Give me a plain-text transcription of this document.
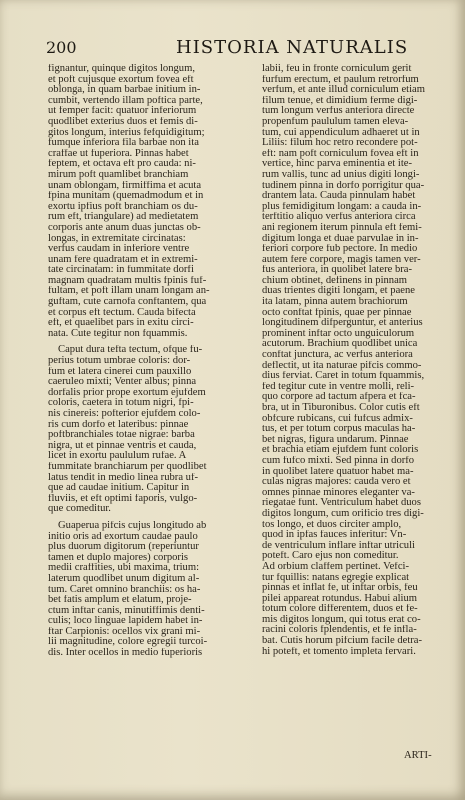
200	HISTORIA NATURALIS
fignantur, quinque digitos longum,
et poft cujusque exortum fovea eft
oblonga, in quam barbae initium in-
cumbit, vertendo illam poftica parte,
ut femper facit: quatuor inferiorum
quodlibet exterius duos et femis di-
gitos longum, interius fefquidigitum;
fumque inferiora fila barbae non ita
craffae ut fuperiora. Pinnas habet
feptem, et octava eft pro cauda: ni-
mirum poft quamlibet branchiam
unam oblongam, firmiffima et acuta
fpina munitam (quemadmodum et in
exortu ipfius poft branchiam os du-
rum eft, triangulare) ad medietatem
corporis ante anum duas junctas ob-
longas, in extremitate circinatas:
verfus caudam in inferiore ventre
unam fere quadratam et in extremi-
tate circinatam: in fummitate dorfi
magnam quadratam multis fpinis fuf-
fultam, et poft illam unam longam an-
guftam, cute carnofa conftantem, qua
et corpus eft tectum. Cauda bifecta
eft, et quaelibet pars in exitu circi-
nata. Cute tegitur non fquammis.
Caput dura tefta tectum, ofque fu-
perius totum umbrae coloris: dor-
fum et latera cinerei cum pauxillo
caeruleo mixti; Venter albus; pinna
dorfalis prior prope exortum ejufdem
coloris, caetera in totum nigri, fpi-
nis cinereis: pofterior ejufdem colo-
ris cum dorfo et lateribus: pinnae
poftbranchiales totae nigrae: barba
nigra, ut et pinnae ventris et cauda,
licet in exortu paululum rufae. A
fummitate branchiarum per quodlibet
latus tendit in medio linea rubra uf-
que ad caudae initium. Capitur in
fluviis, et eft optimi faporis, vulgo-
que comeditur.
Guaperua pifcis cujus longitudo ab
initio oris ad exortum caudae paulo
plus duorum digitorum (reperiuntur
tamen et duplo majores) corporis
medii craffities, ubi maxima, trium:
laterum quodlibet unum digitum al-
tum. Caret omnino branchiis: os ha-
bet fatis amplum et elatum, proje-
ctum inftar canis, minutiffimis denti-
culis; loco linguae lapidem habet in-
ftar Carpionis: ocellos vix grani mi-
lii magnitudine, colore egregii turcoi-
dis. Inter ocellos in medio fuperioris
labii, feu in fronte corniculum gerit
furfum erectum, et paulum retrorfum
verfum, et ante illud corniculum etiam
filum tenue, et dimidium ferme digi-
tum longum verfus anteriora directe
propenfum paululum tamen eleva-
tum, cui appendiculum adhaeret ut in
Liliis: filum hoc retro recondere pot-
eft: nam poft corniculum fovea eft in
vertice, hinc parva eminentia et ite-
rum vallis, tunc ad unius digiti longi-
tudinem pinna in dorfo porrigitur qua-
drantem lata. Cauda pinnulam habet
plus femidigitum longam: a cauda in-
terftitio aliquo verfus anteriora circa
ani regionem iterum pinnula eft femi-
digitum longa et duae parvulae in in-
feriori corpore fub pectore. In medio
autem fere corpore, magis tamen ver-
fus anteriora, in quolibet latere bra-
chium obtinet, definens in pinnam
duas trientes digiti longam, et paene
ita latam, pinna autem brachiorum
octo conftat fpinis, quae per pinnae
longitudinem difperguntur, et anterius
prominent inftar octo unguiculorum
acutorum. Brachium quodlibet unica
conftat junctura, ac verfus anteriora
deflectit, ut ita naturae pifcis commo-
dius ferviat. Caret in totum fquammis,
fed tegitur cute in ventre molli, reli-
quo corpore ad tactum afpera et fca-
bra, ut in Tiburonibus. Color cutis eft
obfcure rubicans, cui fufcus admix-
tus, et per totum corpus maculas ha-
bet nigras, figura undarum. Pinnae
et brachia etiam ejufdem funt coloris
cum fufco mixti. Sed pinna in dorfo
in quolibet latere quatuor habet ma-
culas nigras majores: cauda vero et
omnes pinnae minores eleganter va-
riegatae funt. Ventriculum habet duos
digitos longum, cum orificio tres digi-
tos longo, et duos circiter amplo,
quod in ipfas fauces inferitur: Vn-
de ventriculum inflare inftar utriculi
poteft. Caro ejus non comeditur.
Ad orbium claffem pertinet. Vefci-
tur fquillis: natans egregie explicat
pinnas et inflat fe, ut inftar orbis, feu
pilei appareat rotundus. Habui alium
totum colore differentem, duos et fe-
mis digitos longum, qui totus erat co-
racini coloris fplendentis, et fe infla-
bat. Cutis horum pifcium facile detra-
hi poteft, et tomento impleta fervari.
ARTI-
